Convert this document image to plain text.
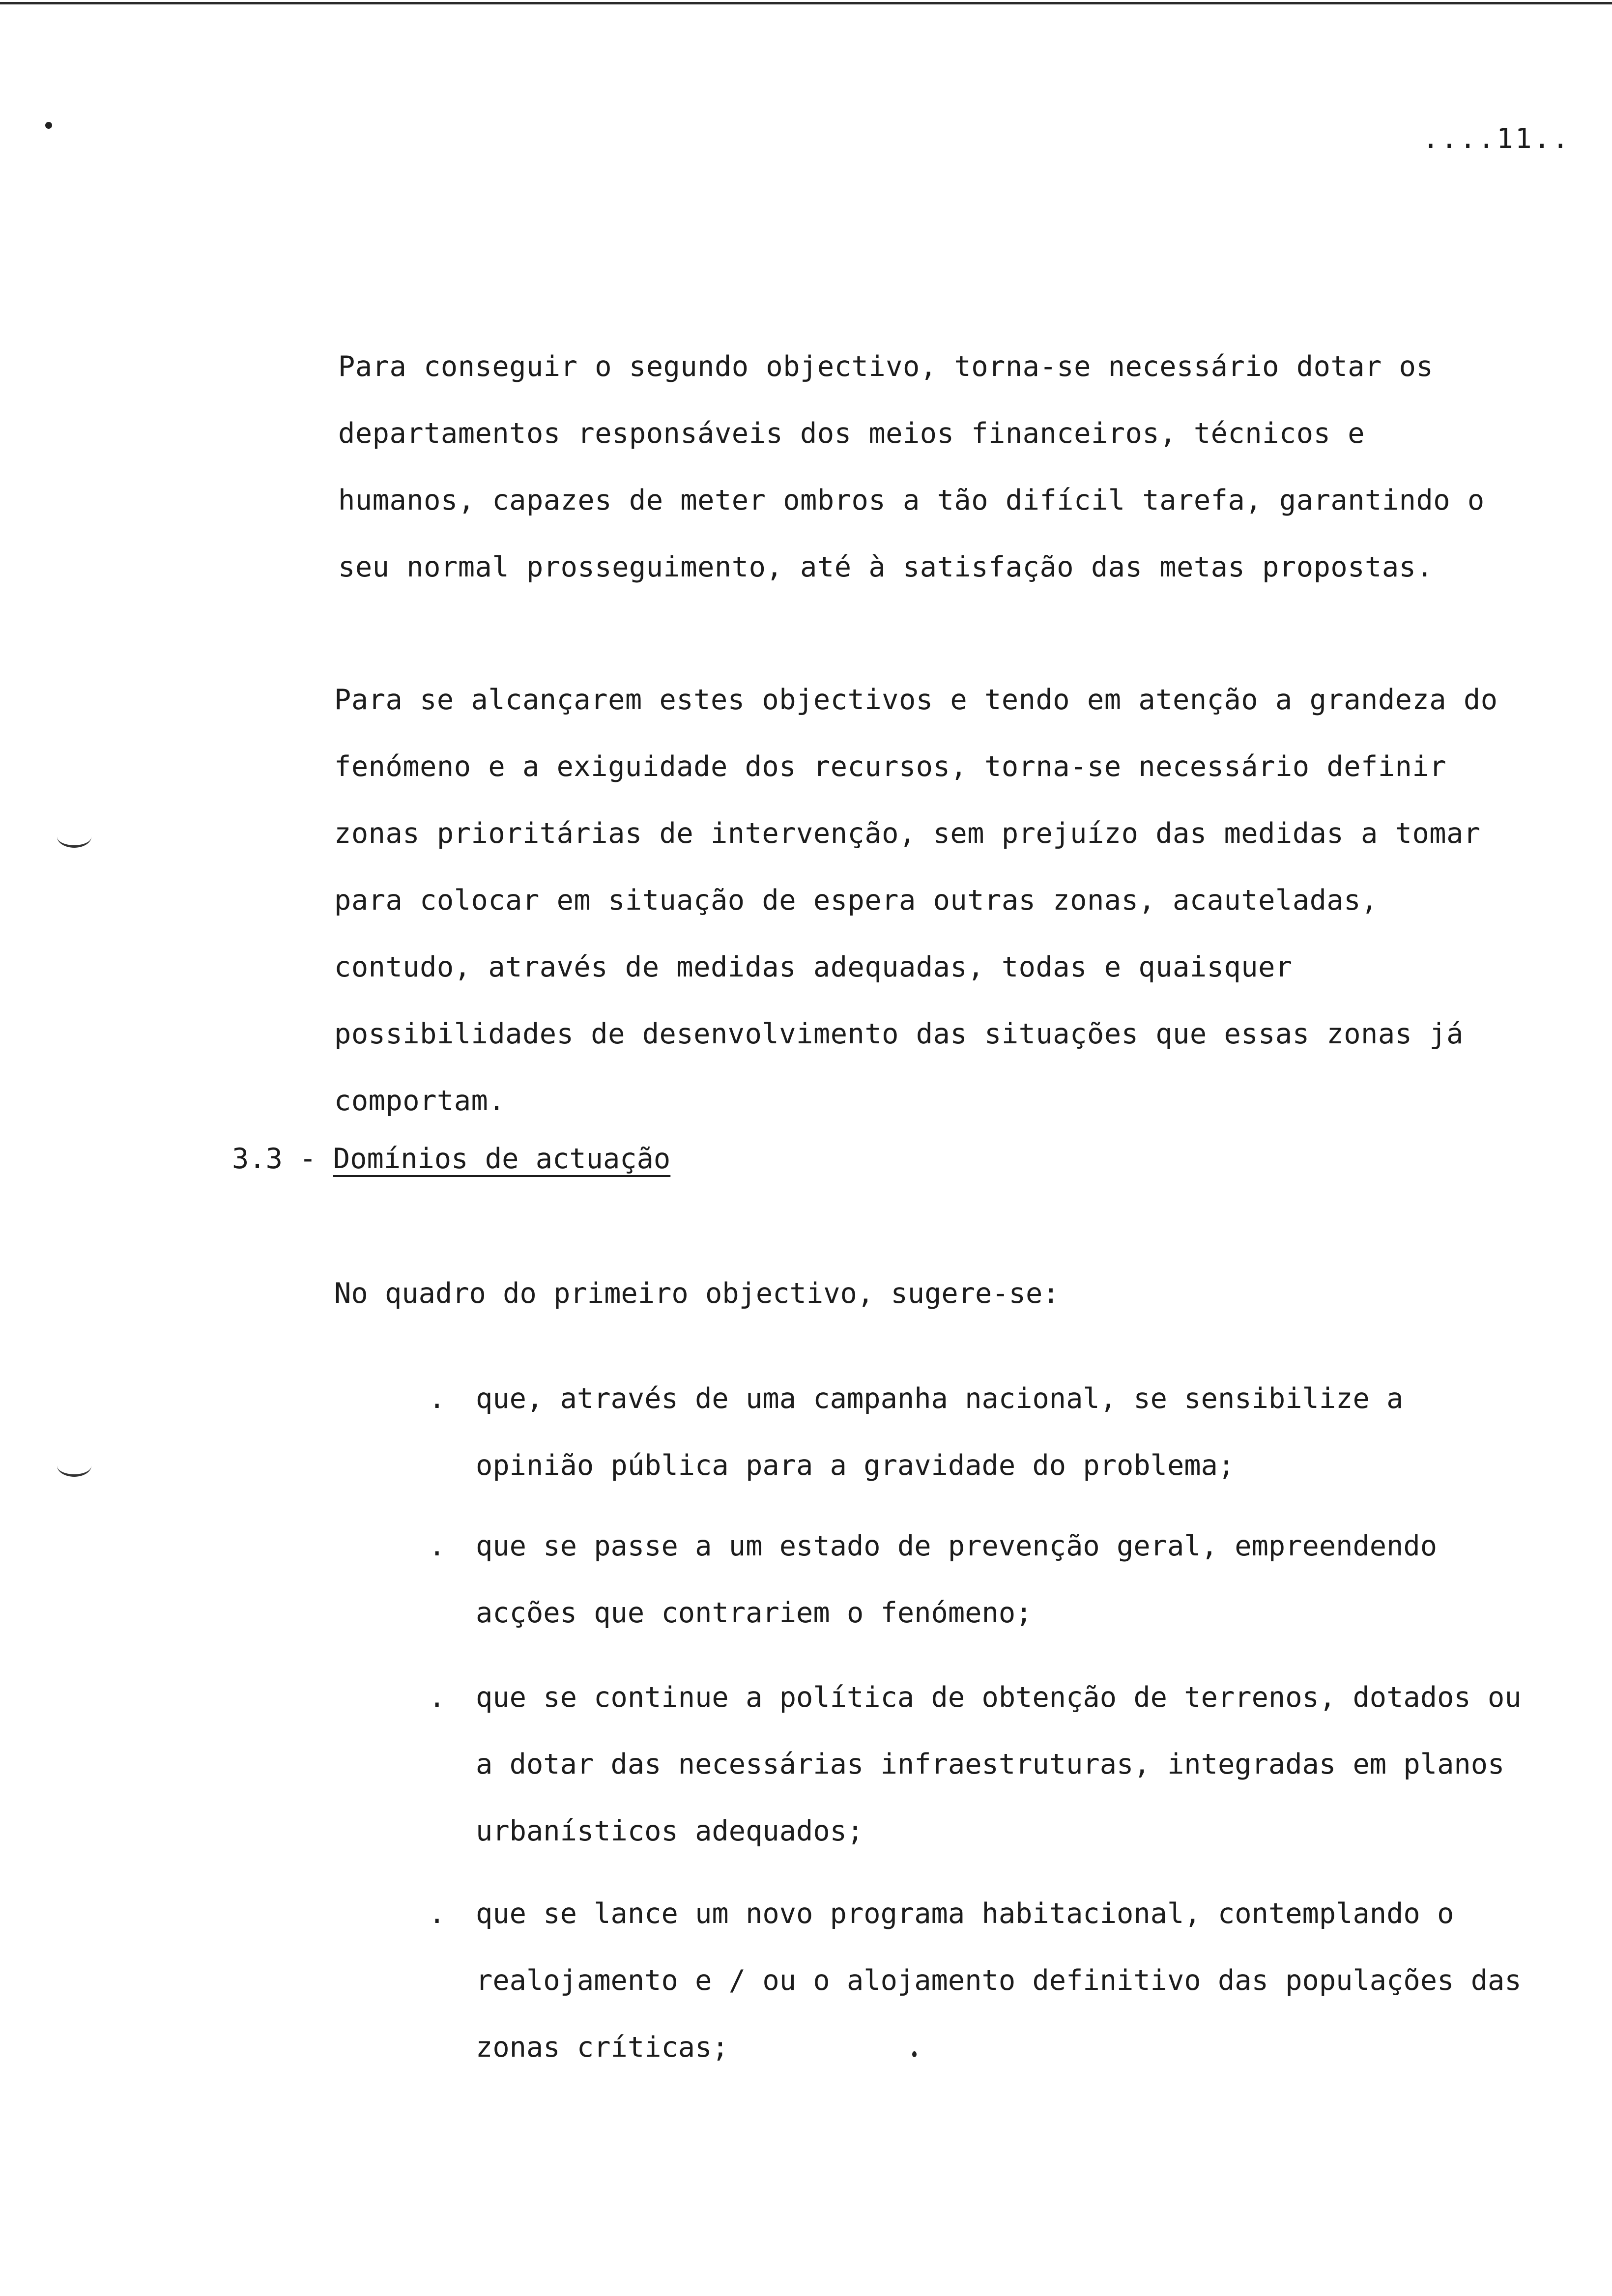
....11..

Para conseguir o segundo objectivo, torna-se necessário dotar os departamentos responsáveis dos meios financeiros, técnicos e humanos, capazes de meter ombros a tão difícil tarefa, garantindo o seu normal prosseguimento, até à satisfação das metas propostas.

Para se alcançarem estes objectivos e tendo em atenção a grandeza do fenómeno e a exiguidade dos recursos, torna-se necessário definir zonas prioritárias de intervenção, sem prejuízo das medidas a tomar para colocar em situação de espera outras zonas, acauteladas, contudo, através de medidas adequadas, todas e quaisquer possibilidades de desenvolvimento das situações que essas zonas já comportam.

3.3 - Domínios de actuação

No quadro do primeiro objectivo, sugere-se:

.	que, através de uma campanha nacional, se sensibilize a opinião pública para a gravidade do problema;
.	que se passe a um estado de prevenção geral, empreendendo acções que contrariem o fenómeno;
.	que se continue a política de obtenção de terrenos, dotados ou a dotar das necessárias infraestruturas, integradas em planos urbanísticos adequados;
.	que se lance um novo programa habitacional, contemplando o realojamento e / ou o alojamento definitivo das populações das zonas críticas;
